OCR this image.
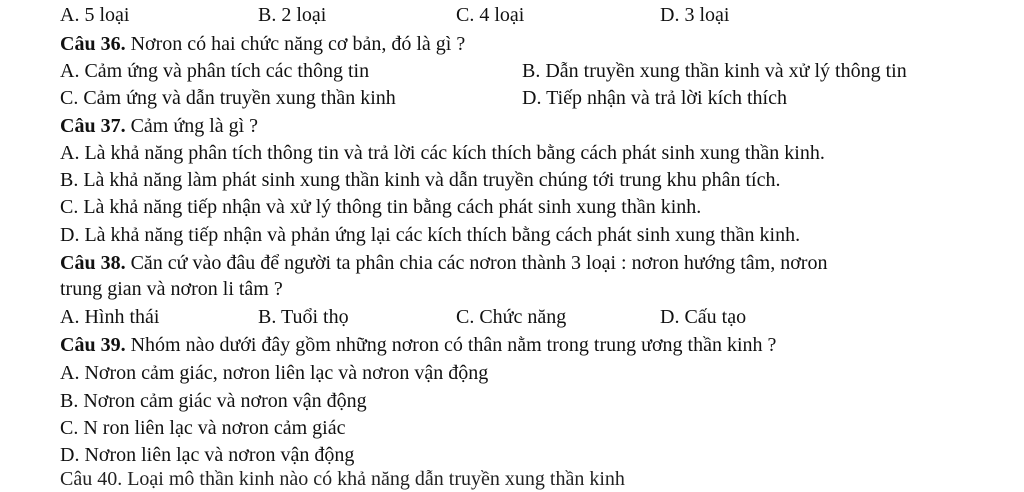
A. 5 loại	B. 2 loại	C. 4 loại	D. 3 loại
Câu 36. Nơron có hai chức năng cơ bản, đó là gì ?
A. Cảm ứng và phân tích các thông tin	B. Dẫn truyền xung thần kinh và xử lý thông tin
C. Cảm ứng và dẫn truyền xung thần kinh	D. Tiếp nhận và trả lời kích thích
Câu 37. Cảm ứng là gì ?
A. Là khả năng phân tích thông tin và trả lời các kích thích bằng cách phát sinh xung thần kinh.
B. Là khả năng làm phát sinh xung thần kinh và dẫn truyền chúng tới trung khu phân tích.
C. Là khả năng tiếp nhận và xử lý thông tin bằng cách phát sinh xung thần kinh.
D. Là khả năng tiếp nhận và phản ứng lại các kích thích bằng cách phát sinh xung thần kinh.
Câu 38. Căn cứ vào đâu để người ta phân chia các nơron thành 3 loại : nơron hướng tâm, nơron
trung gian và nơron li tâm ?
A. Hình thái	B. Tuổi thọ	C. Chức năng	D. Cấu tạo
Câu 39. Nhóm nào dưới đây gồm những nơron có thân nằm trong trung ương thần kinh ?
A. Nơron cảm giác, nơron liên lạc và nơron vận động
B. Nơron cảm giác và nơron vận động
C. N ron liên lạc và nơron cảm giác
D. Nơron liên lạc và nơron vận động
Câu 40. Loại mô thần kinh nào có khả năng dẫn truyền xung thần kinh
